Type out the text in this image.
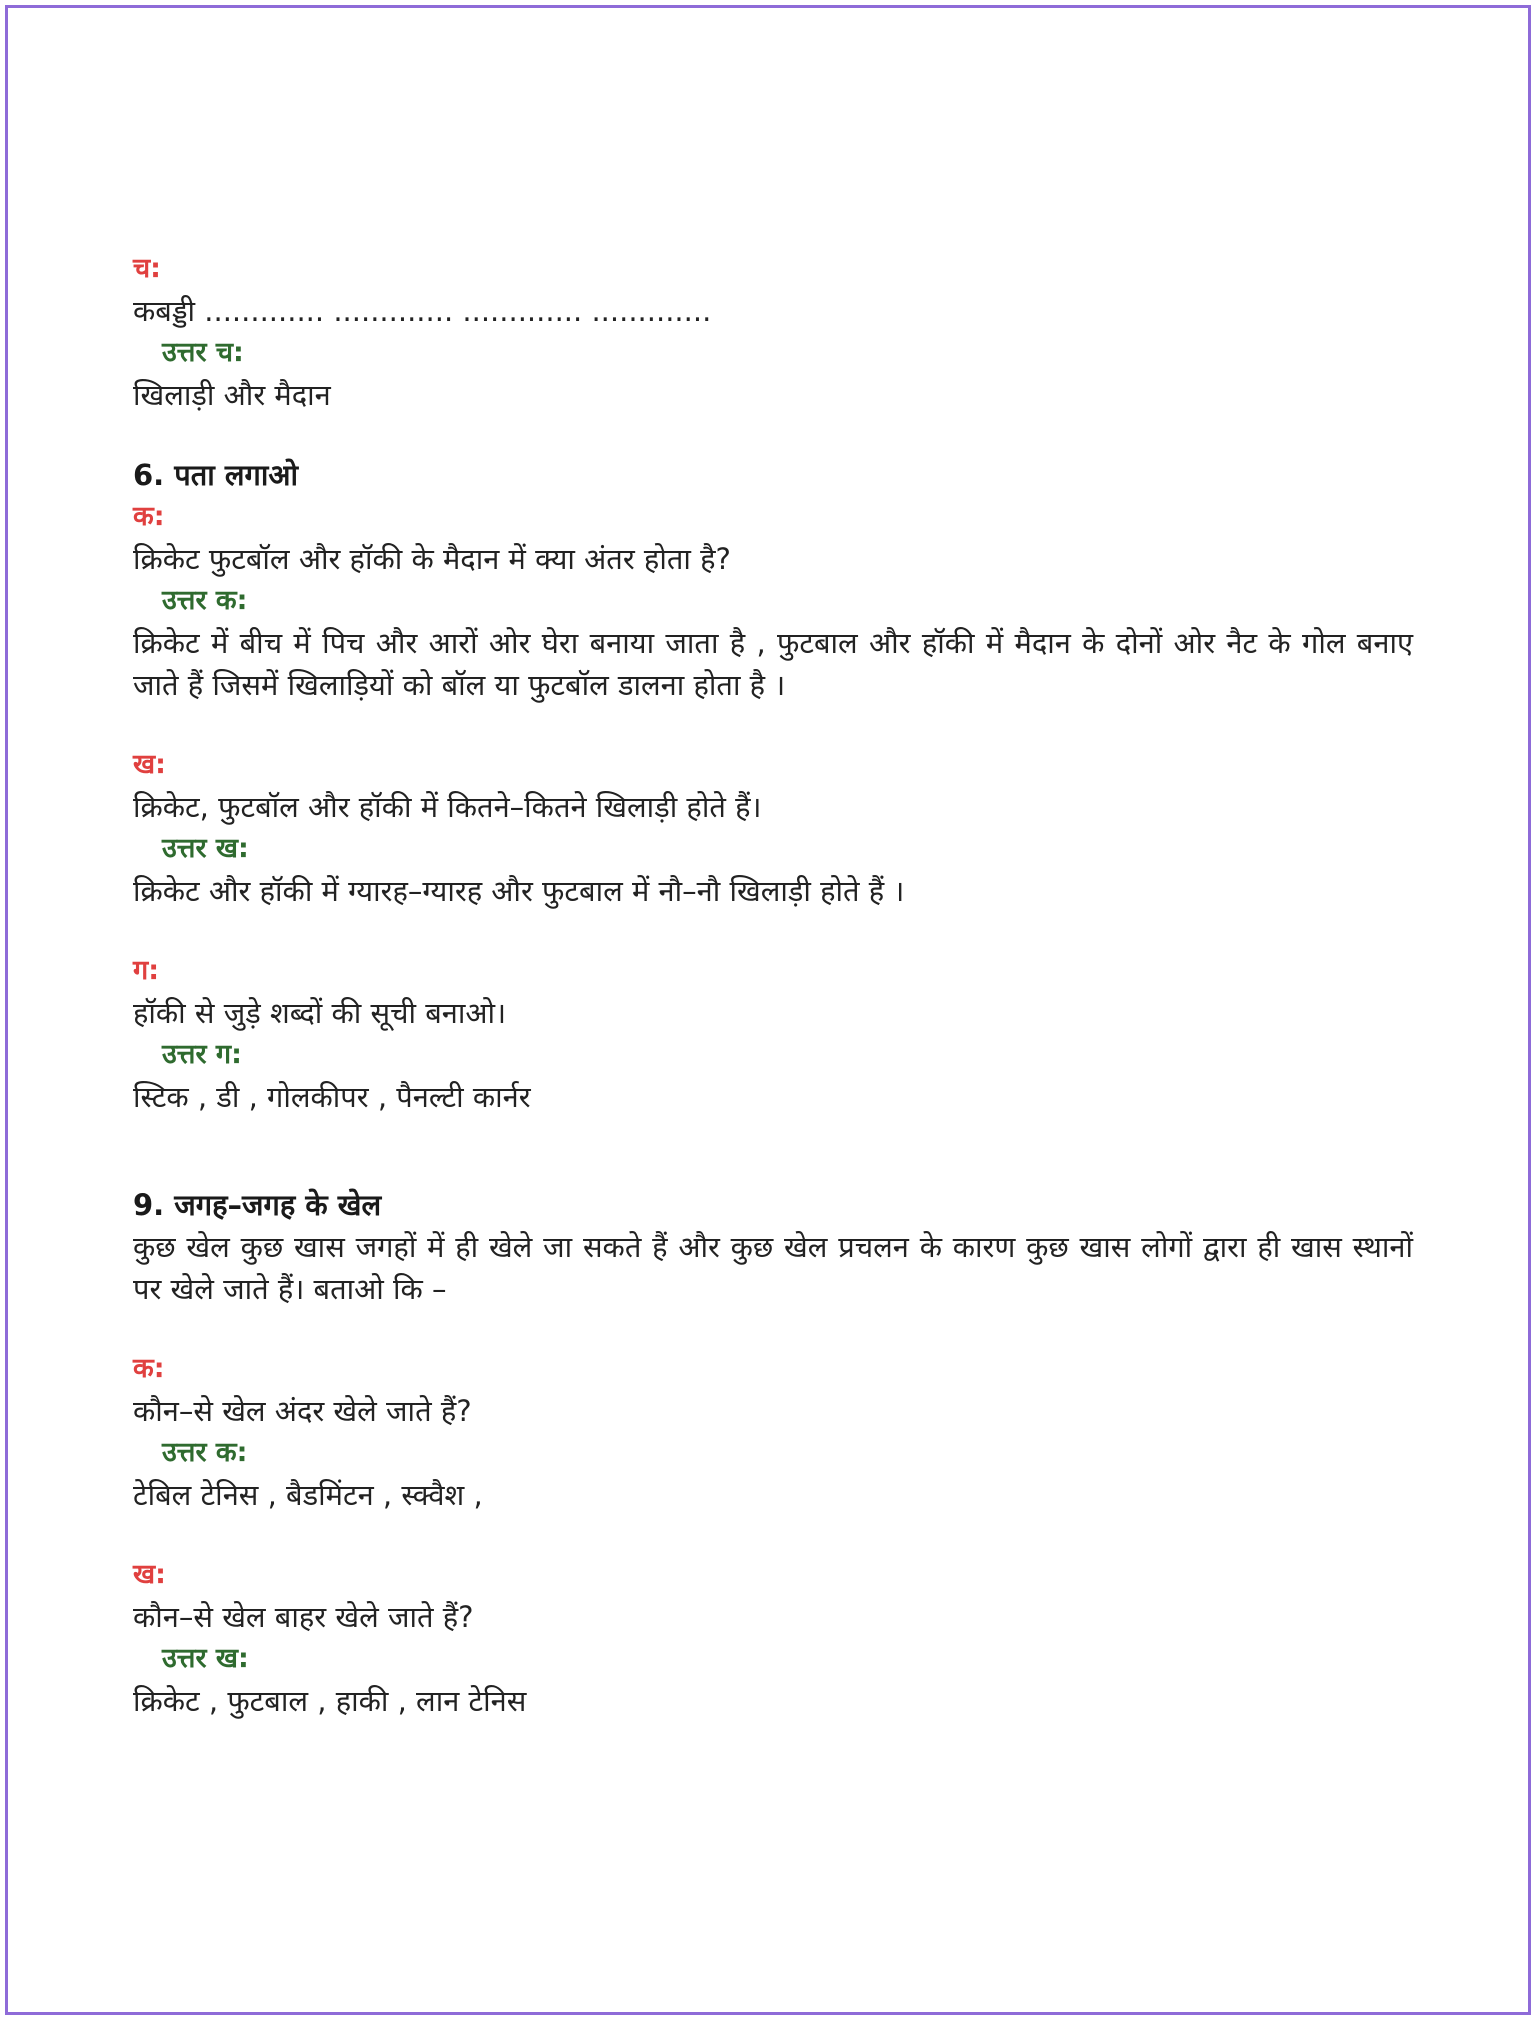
च:
कबड्डी ............. ............. ............. .............
उत्तर च:
खिलाड़ी और मैदान
6. पता लगाओ
क:
क्रिकेट फुटबॉल और हॉकी के मैदान में क्या अंतर होता है?
उत्तर क:
क्रिकेट में बीच में पिच और आरों ओर घेरा बनाया जाता है , फुटबाल और हॉकी में मैदान के दोनों ओर नैट के गोल बनाए जाते हैं जिसमें खिलाड़ियों को बॉल या फुटबॉल डालना होता है ।
ख:
क्रिकेट, फुटबॉल और हॉकी में कितने–कितने खिलाड़ी होते हैं।
उत्तर ख:
क्रिकेट और हॉकी में ग्यारह–ग्यारह और फुटबाल में नौ–नौ खिलाड़ी होते हैं ।
ग:
हॉकी से जुड़े शब्दों की सूची बनाओ।
उत्तर ग:
स्टिक , डी , गोलकीपर , पैनल्टी कार्नर
9. जगह–जगह के खेल
कुछ खेल कुछ खास जगहों में ही खेले जा सकते हैं और कुछ खेल प्रचलन के कारण कुछ खास लोगों द्वारा ही खास स्थानों पर खेले जाते हैं। बताओ कि –
क:
कौन–से खेल अंदर खेले जाते हैं?
उत्तर क:
टेबिल टेनिस , बैडमिंटन , स्क्वैश ,
ख:
कौन–से खेल बाहर खेले जाते हैं?
उत्तर ख:
क्रिकेट , फुटबाल , हाकी , लान टेनिस
